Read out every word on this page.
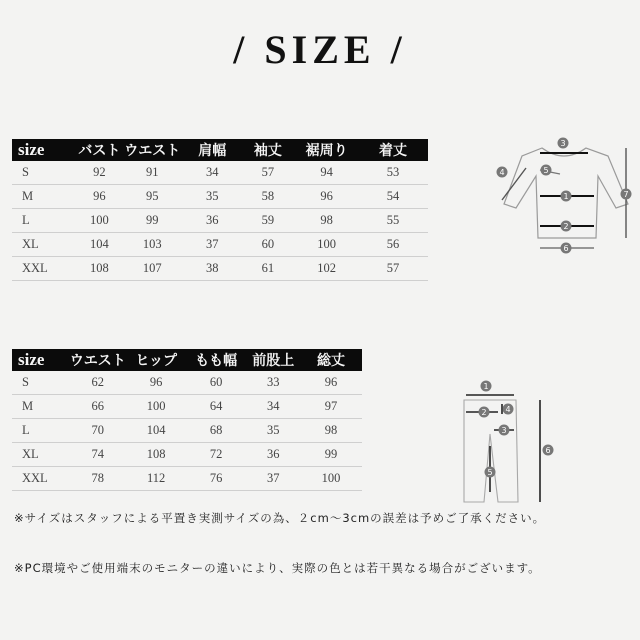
/ SIZE /
size	バスト	ウエスト	肩幅	袖丈	裾周り	着丈
S	92	91	34	57	94	53
M	96	95	35	58	96	54
L	100	99	36	59	98	55
XL	104	103	37	60	100	56
XXL	108	107	38	61	102	57
3
5
4
1
2
6
7
size	ウエスト	ヒップ	もも幅	前股上	総丈
S	62	96	60	33	96
M	66	100	64	34	97
L	70	104	68	35	98
XL	74	108	72	36	99
XXL	78	112	76	37	100
1
2
3
4
5
6
※サイズはスタッフによる平置き実測サイズの為、２cm〜3cmの誤差は予めご了承ください。
※PC環境やご使用端末のモニターの違いにより、実際の色とは若干異なる場合がございます。
